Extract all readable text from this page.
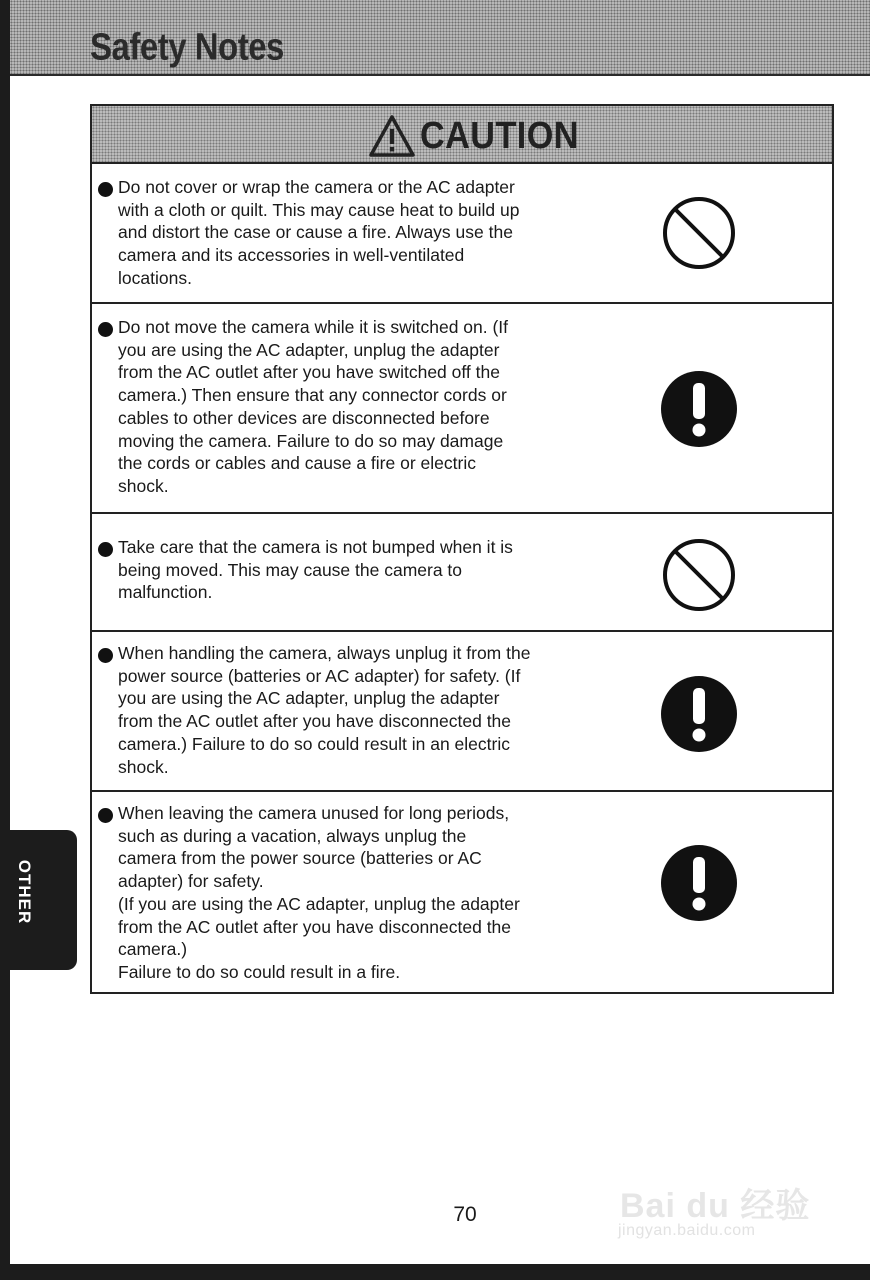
Safety Notes
CAUTION

Do not cover or wrap the camera or the AC adapter
with a cloth or quilt. This may cause heat to build up
and distort the case or cause a fire. Always use the
camera and its accessories in well-ventilated
locations.

Do not move the camera while it is switched on. (If
you are using the AC adapter, unplug the adapter
from the AC outlet after you have switched off the
camera.) Then ensure that any connector cords or
cables to other devices are disconnected before
moving the camera. Failure to do so may damage
the cords or cables and cause a fire or electric
shock.

Take care that the camera is not bumped when it is
being moved. This may cause the camera to
malfunction.

When handling the camera, always unplug it from the
power source (batteries or AC adapter) for safety. (If
you are using the AC adapter, unplug the adapter
from the AC outlet after you have disconnected the
camera.) Failure to do so could result in an electric
shock.

When leaving the camera unused for long periods,
such as during a vacation, always unplug the
camera from the power source (batteries or AC
adapter) for safety.
(If you are using the AC adapter, unplug the adapter
from the AC outlet after you have disconnected the
camera.)
Failure to do so could result in a fire.

OTHER

70	Bai du 经验

jingyan.baidu.com
